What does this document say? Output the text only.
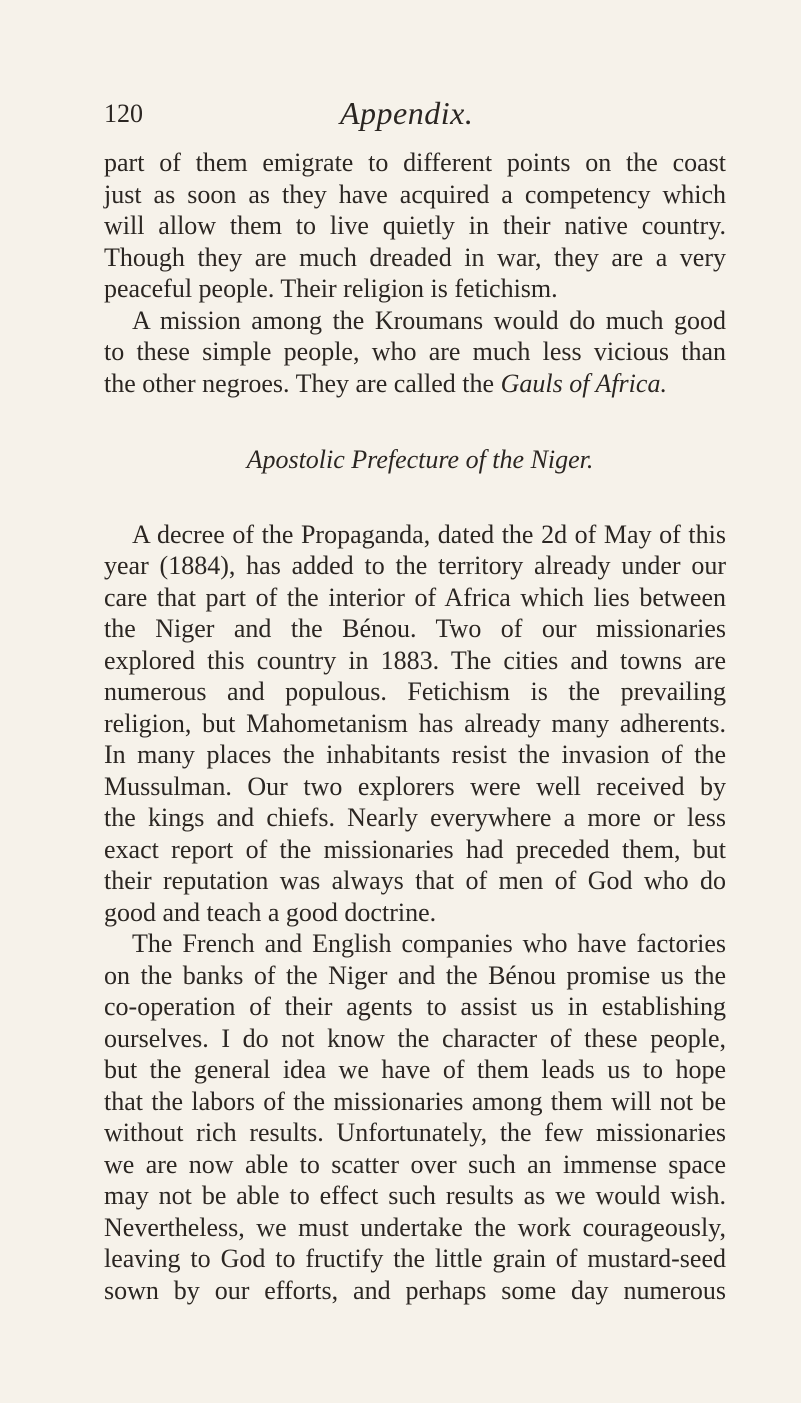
120	Appendix.
part of them emigrate to different points on the coast
just as soon as they have acquired a competency which
will allow them to live quietly in their native country.
Though they are much dreaded in war, they are a very
peaceful people. Their religion is fetichism.
A mission among the Kroumans would do much good
to these simple people, who are much less vicious than
the other negroes. They are called the Gauls of Africa.
Apostolic Prefecture of the Niger.
A decree of the Propaganda, dated the 2d of May of this
year (1884), has added to the territory already under our
care that part of the interior of Africa which lies between
the Niger and the Bénou. Two of our missionaries
explored this country in 1883. The cities and towns are
numerous and populous. Fetichism is the prevailing
religion, but Mahometanism has already many adherents.
In many places the inhabitants resist the invasion of the
Mussulman. Our two explorers were well received by
the kings and chiefs. Nearly everywhere a more or less
exact report of the missionaries had preceded them, but
their reputation was always that of men of God who do
good and teach a good doctrine.
The French and English companies who have factories
on the banks of the Niger and the Bénou promise us the
co-operation of their agents to assist us in establishing
ourselves. I do not know the character of these people,
but the general idea we have of them leads us to hope
that the labors of the missionaries among them will not be
without rich results. Unfortunately, the few missionaries
we are now able to scatter over such an immense space
may not be able to effect such results as we would wish.
Nevertheless, we must undertake the work courageously,
leaving to God to fructify the little grain of mustard-seed
sown by our efforts, and perhaps some day numerous
